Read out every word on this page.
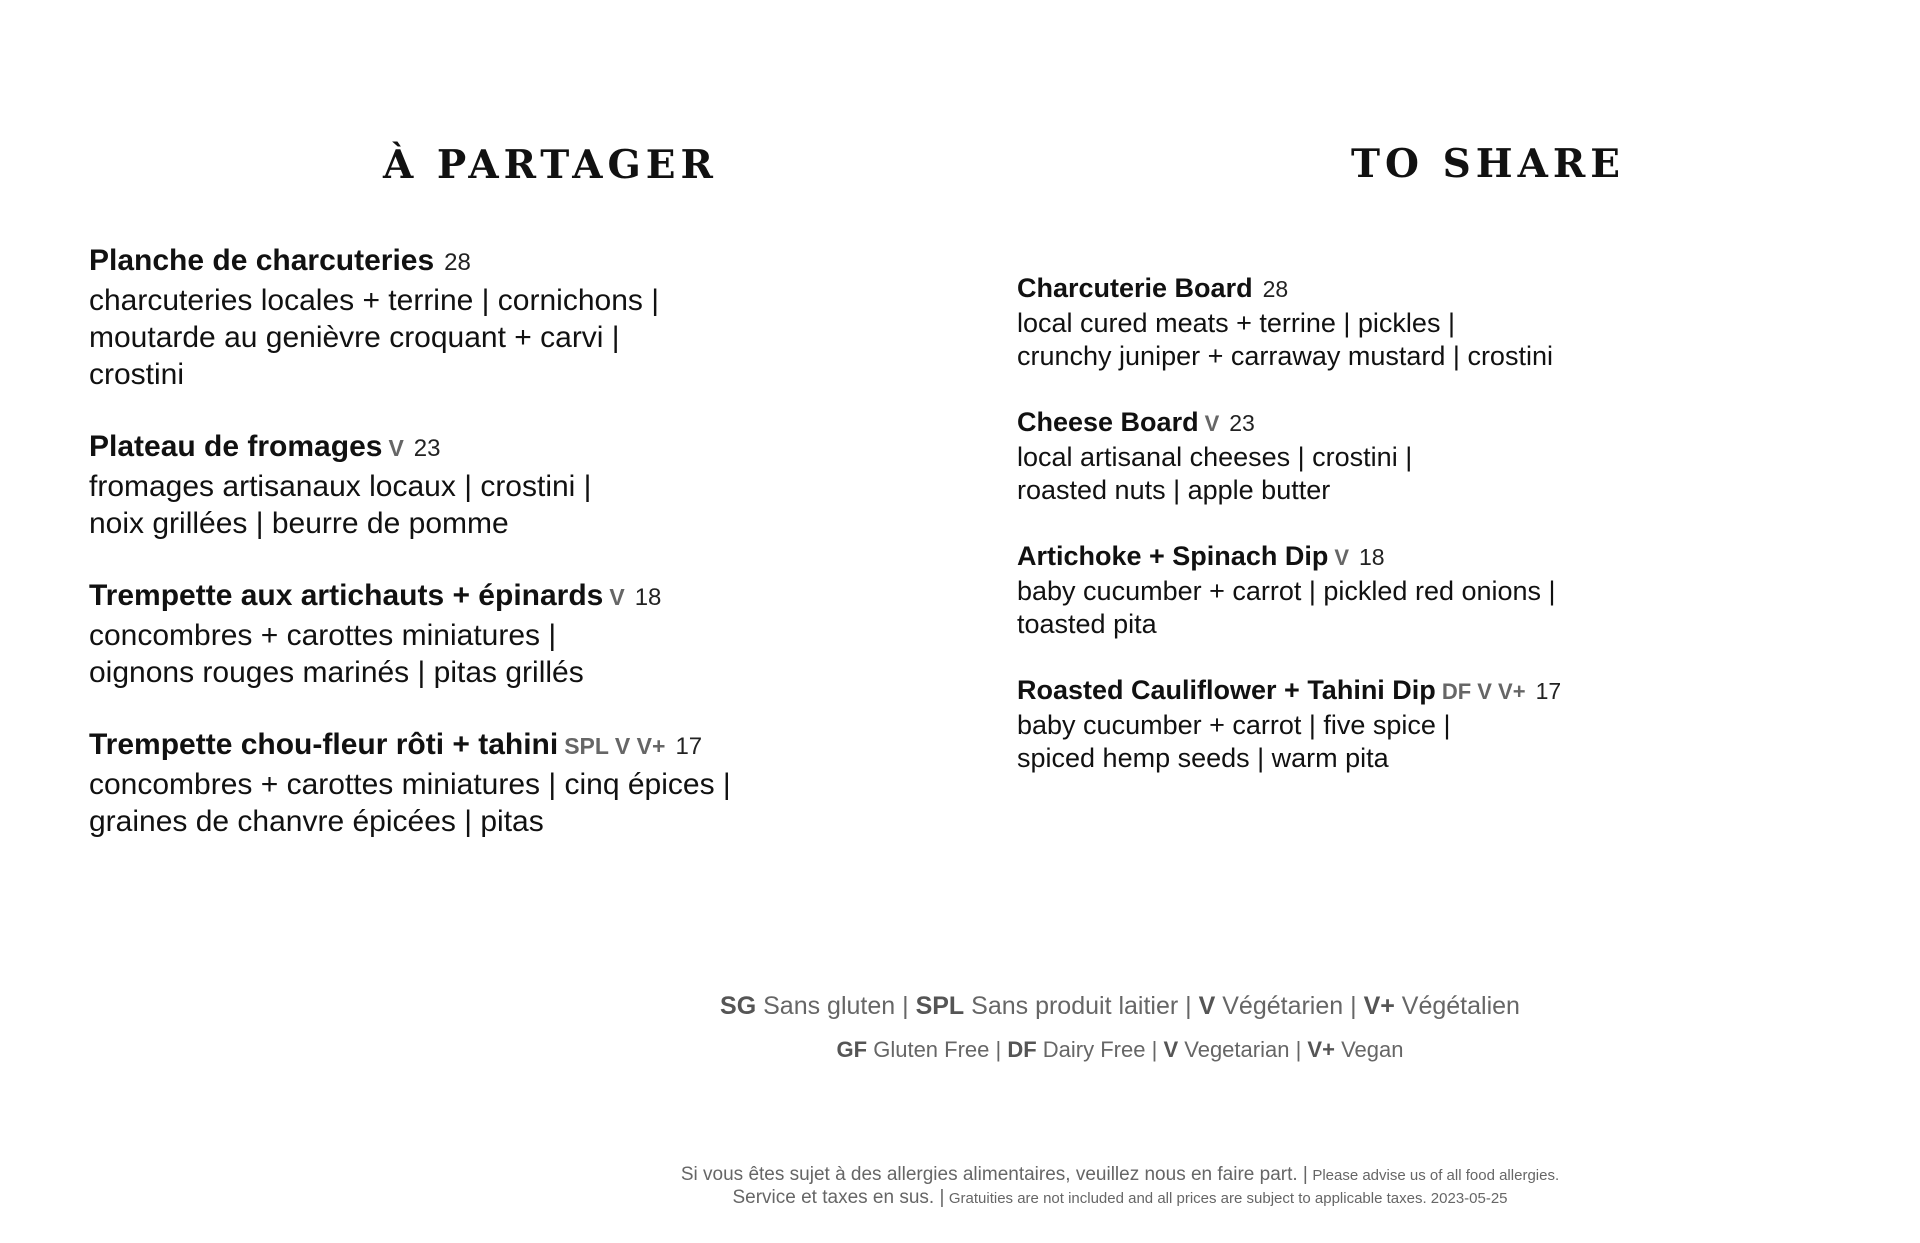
À PARTAGER	TO SHARE
Planche de charcuteries 28
charcuteries locales + terrine | cornichons |
moutarde au genièvre croquant + carvi |
crostini
Plateau de fromages V 23
fromages artisanaux locaux | crostini |
noix grillées | beurre de pomme
Trempette aux artichauts + épinards V 18
concombres + carottes miniatures |
oignons rouges marinés | pitas grillés
Trempette chou-fleur rôti + tahini SPL V V+ 17
concombres + carottes miniatures | cinq épices |
graines de chanvre épicées | pitas
Charcuterie Board 28
local cured meats + terrine | pickles |
crunchy juniper + carraway mustard | crostini
Cheese Board V 23
local artisanal cheeses | crostini |
roasted nuts | apple butter
Artichoke + Spinach Dip V 18
baby cucumber + carrot | pickled red onions |
toasted pita
Roasted Cauliflower + Tahini Dip DF V V+ 17
baby cucumber + carrot | five spice |
spiced hemp seeds | warm pita
SG Sans gluten | SPL Sans produit laitier | V Végétarien | V+ Végétalien
GF Gluten Free | DF Dairy Free | V Vegetarian | V+ Vegan
Si vous êtes sujet à des allergies alimentaires, veuillez nous en faire part. | Please advise us of all food allergies.
Service et taxes en sus. | Gratuities are not included and all prices are subject to applicable taxes. 2023-05-25
